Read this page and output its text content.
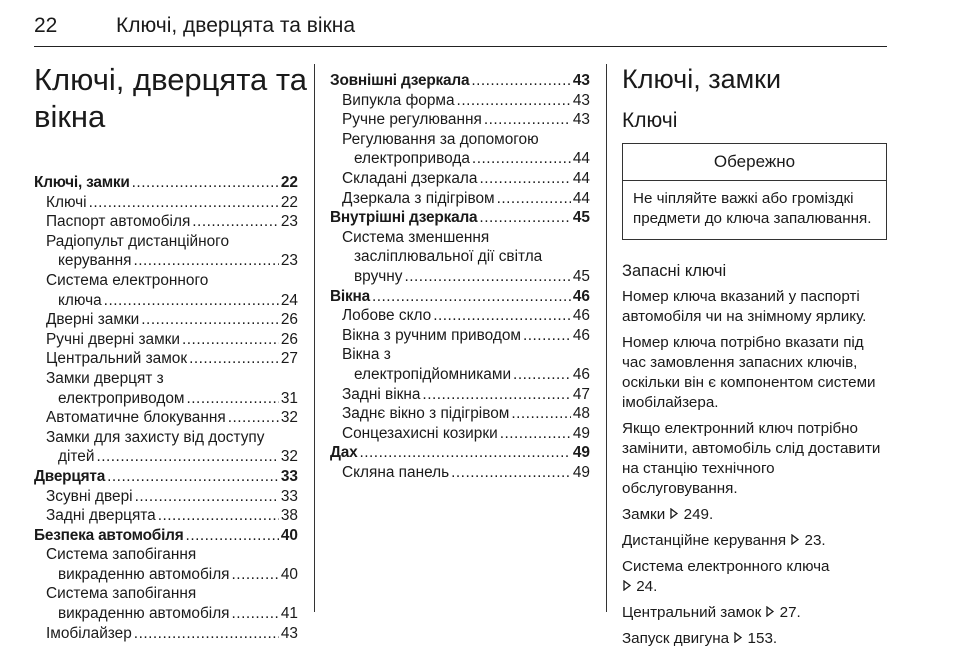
22	Ключі, дверцята та вікна
Ключі, дверцята та
вікна
Ключі, замки .....	22
Ключі .....	22
Паспорт автомобіля .....	23
Радіопульт дистанційного
керування .....	23
Система електронного
ключа .....	24
Дверні замки .....	26
Ручні дверні замки .....	26
Центральний замок .....	27
Замки дверцят з
електроприводом .....	31
Автоматичне блокування .....	32
Замки для захисту від доступу
дітей .....	32
Дверцята .....	33
Зсувні двері .....	33
Задні дверцята .....	38
Безпека автомобіля .....	40
Система запобігання
викраденню автомобіля .....	40
Система запобігання
викраденню автомобіля .....	41
Імобілайзер .....	43
Зовнішні дзеркала .....	43
Випукла форма .....	43
Ручне регулювання .....	43
Регулювання за допомогою
електропривода .....	44
Складані дзеркала .....	44
Дзеркала з підігрівом .....	44
Внутрішні дзеркала .....	45
Система зменшення
засліплювальної дії світла
вручну .....	45
Вікна .....	46
Лобове скло .....	46
Вікна з ручним приводом .....	46
Вікна з
електропідйомниками .....	46
Задні вікна .....	47
Заднє вікно з підігрівом .....	48
Сонцезахисні козирки .....	49
Дах .....	49
Скляна панель .....	49
Ключі, замки
Ключі
Обережно
Не чіпляйте важкі або громіздкі предмети до ключа запалювання.
Запасні ключі

Номер ключа вказаний у паспорті автомобіля чи на знімному ярлику.

Номер ключа потрібно вказати під час замовлення запасних ключів, оскільки він є компонентом системи імобілайзера.

Якщо електронний ключ потрібно замінити, автомобіль слід доставити на станцію технічного обслуговування.

Замки  249.

Дистанційне керування  23.

Система електронного ключа
24.

Центральний замок  27.

Запуск двигуна  153.
